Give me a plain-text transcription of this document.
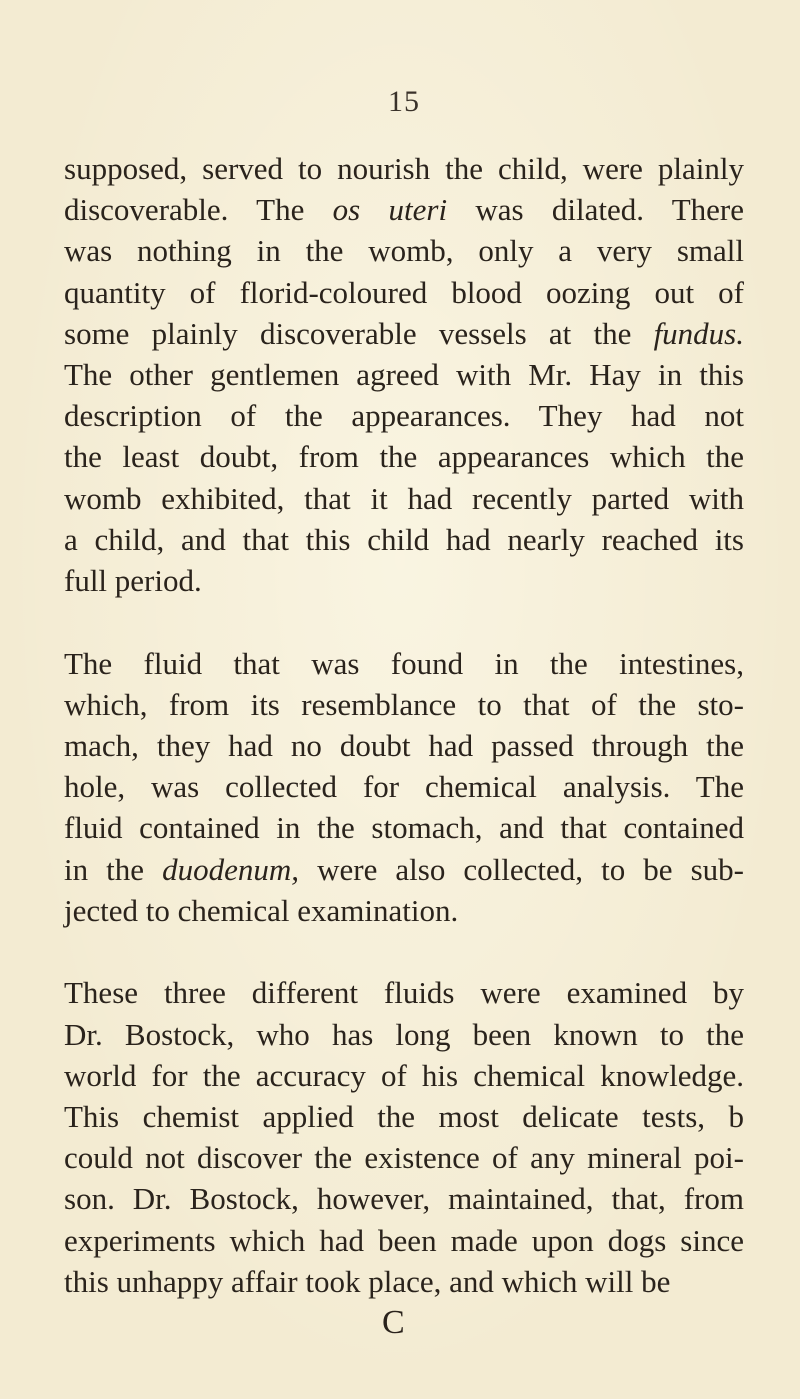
15
supposed, served to nourish the child, were plainly
discoverable. The os uteri was dilated. There
was nothing in the womb, only a very small
quantity of florid-coloured blood oozing out of
some plainly discoverable vessels at the fundus.
The other gentlemen agreed with Mr. Hay in this
description of the appearances. They had not
the least doubt, from the appearances which the
womb exhibited, that it had recently parted with
a child, and that this child had nearly reached its
full period.
The fluid that was found in the intestines,
which, from its resemblance to that of the sto-
mach, they had no doubt had passed through the
hole, was collected for chemical analysis. The
fluid contained in the stomach, and that contained
in the duodenum, were also collected, to be sub-
jected to chemical examination.
These three different fluids were examined by
Dr. Bostock, who has long been known to the
world for the accuracy of his chemical knowledge.
This chemist applied the most delicate tests, b
could not discover the existence of any mineral poi-
son. Dr. Bostock, however, maintained, that, from
experiments which had been made upon dogs since
this unhappy affair took place, and which will be
C
